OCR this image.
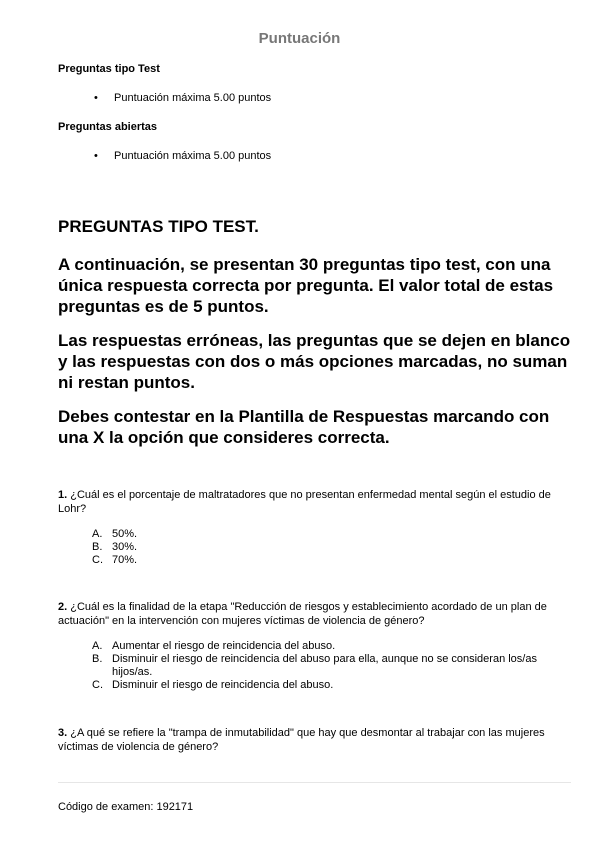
Puntuación

Preguntas tipo Test

• Puntuación máxima 5.00 puntos

Preguntas abiertas

• Puntuación máxima 5.00 puntos
PREGUNTAS TIPO TEST.

A continuación, se presentan 30 preguntas tipo test, con una única respuesta correcta por pregunta. El valor total de estas preguntas es de 5 puntos.

Las respuestas erróneas, las preguntas que se dejen en blanco y las respuestas con dos o más opciones marcadas, no suman ni restan puntos.

Debes contestar en la Plantilla de Respuestas marcando con una X la opción que consideres correcta.

1. ¿Cuál es el porcentaje de maltratadores que no presentan enfermedad mental según el estudio de Lohr?

A. 50%.
B. 30%.
C. 70%.

2. ¿Cuál es la finalidad de la etapa "Reducción de riesgos y establecimiento acordado de un plan de actuación" en la intervención con mujeres víctimas de violencia de género?

A. Aumentar el riesgo de reincidencia del abuso.
B. Disminuir el riesgo de reincidencia del abuso para ella, aunque no se consideran los/as hijos/as.
C. Disminuir el riesgo de reincidencia del abuso.

3. ¿A qué se refiere la "trampa de inmutabilidad" que hay que desmontar al trabajar con las mujeres víctimas de violencia de género?

Código de examen: 192171
